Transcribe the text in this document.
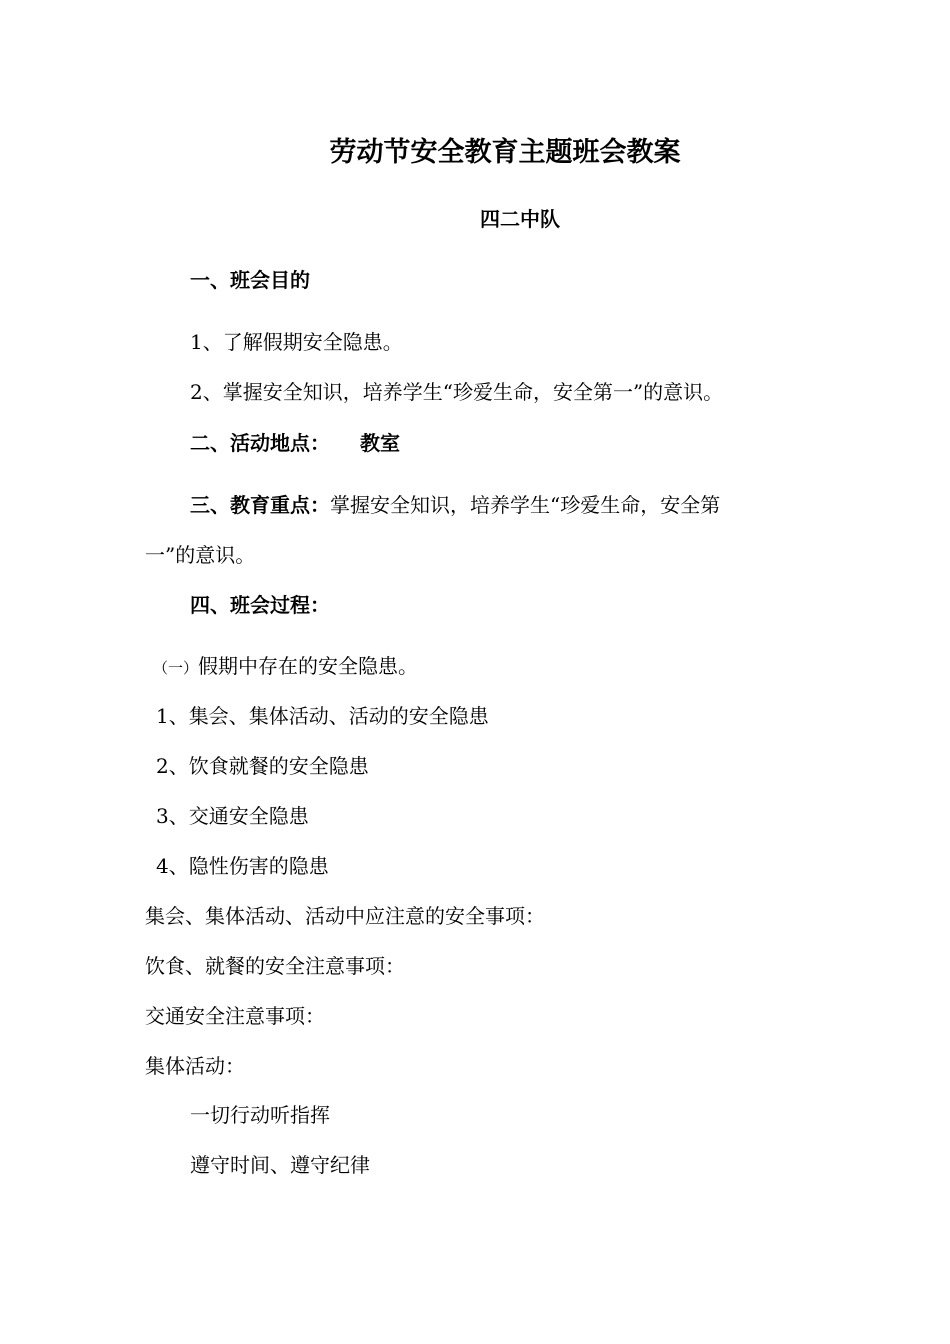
劳动节安全教育主题班会教案
四二中队
一、班会目的
1、了解假期安全隐患。
2、掌握安全知识，培养学生“珍爱生命，安全第一”的意识。
二、活动地点： 教室
三、教育重点：掌握安全知识，培养学生“珍爱生命，安全第
一”的意识。
四、班会过程：
（一）假期中存在的安全隐患。
1、集会、集体活动、活动的安全隐患
2、饮食就餐的安全隐患
3、交通安全隐患
4、隐性伤害的隐患
集会、集体活动、活动中应注意的安全事项：
饮食、就餐的安全注意事项：
交通安全注意事项：
集体活动：
一切行动听指挥
遵守时间、遵守纪律
